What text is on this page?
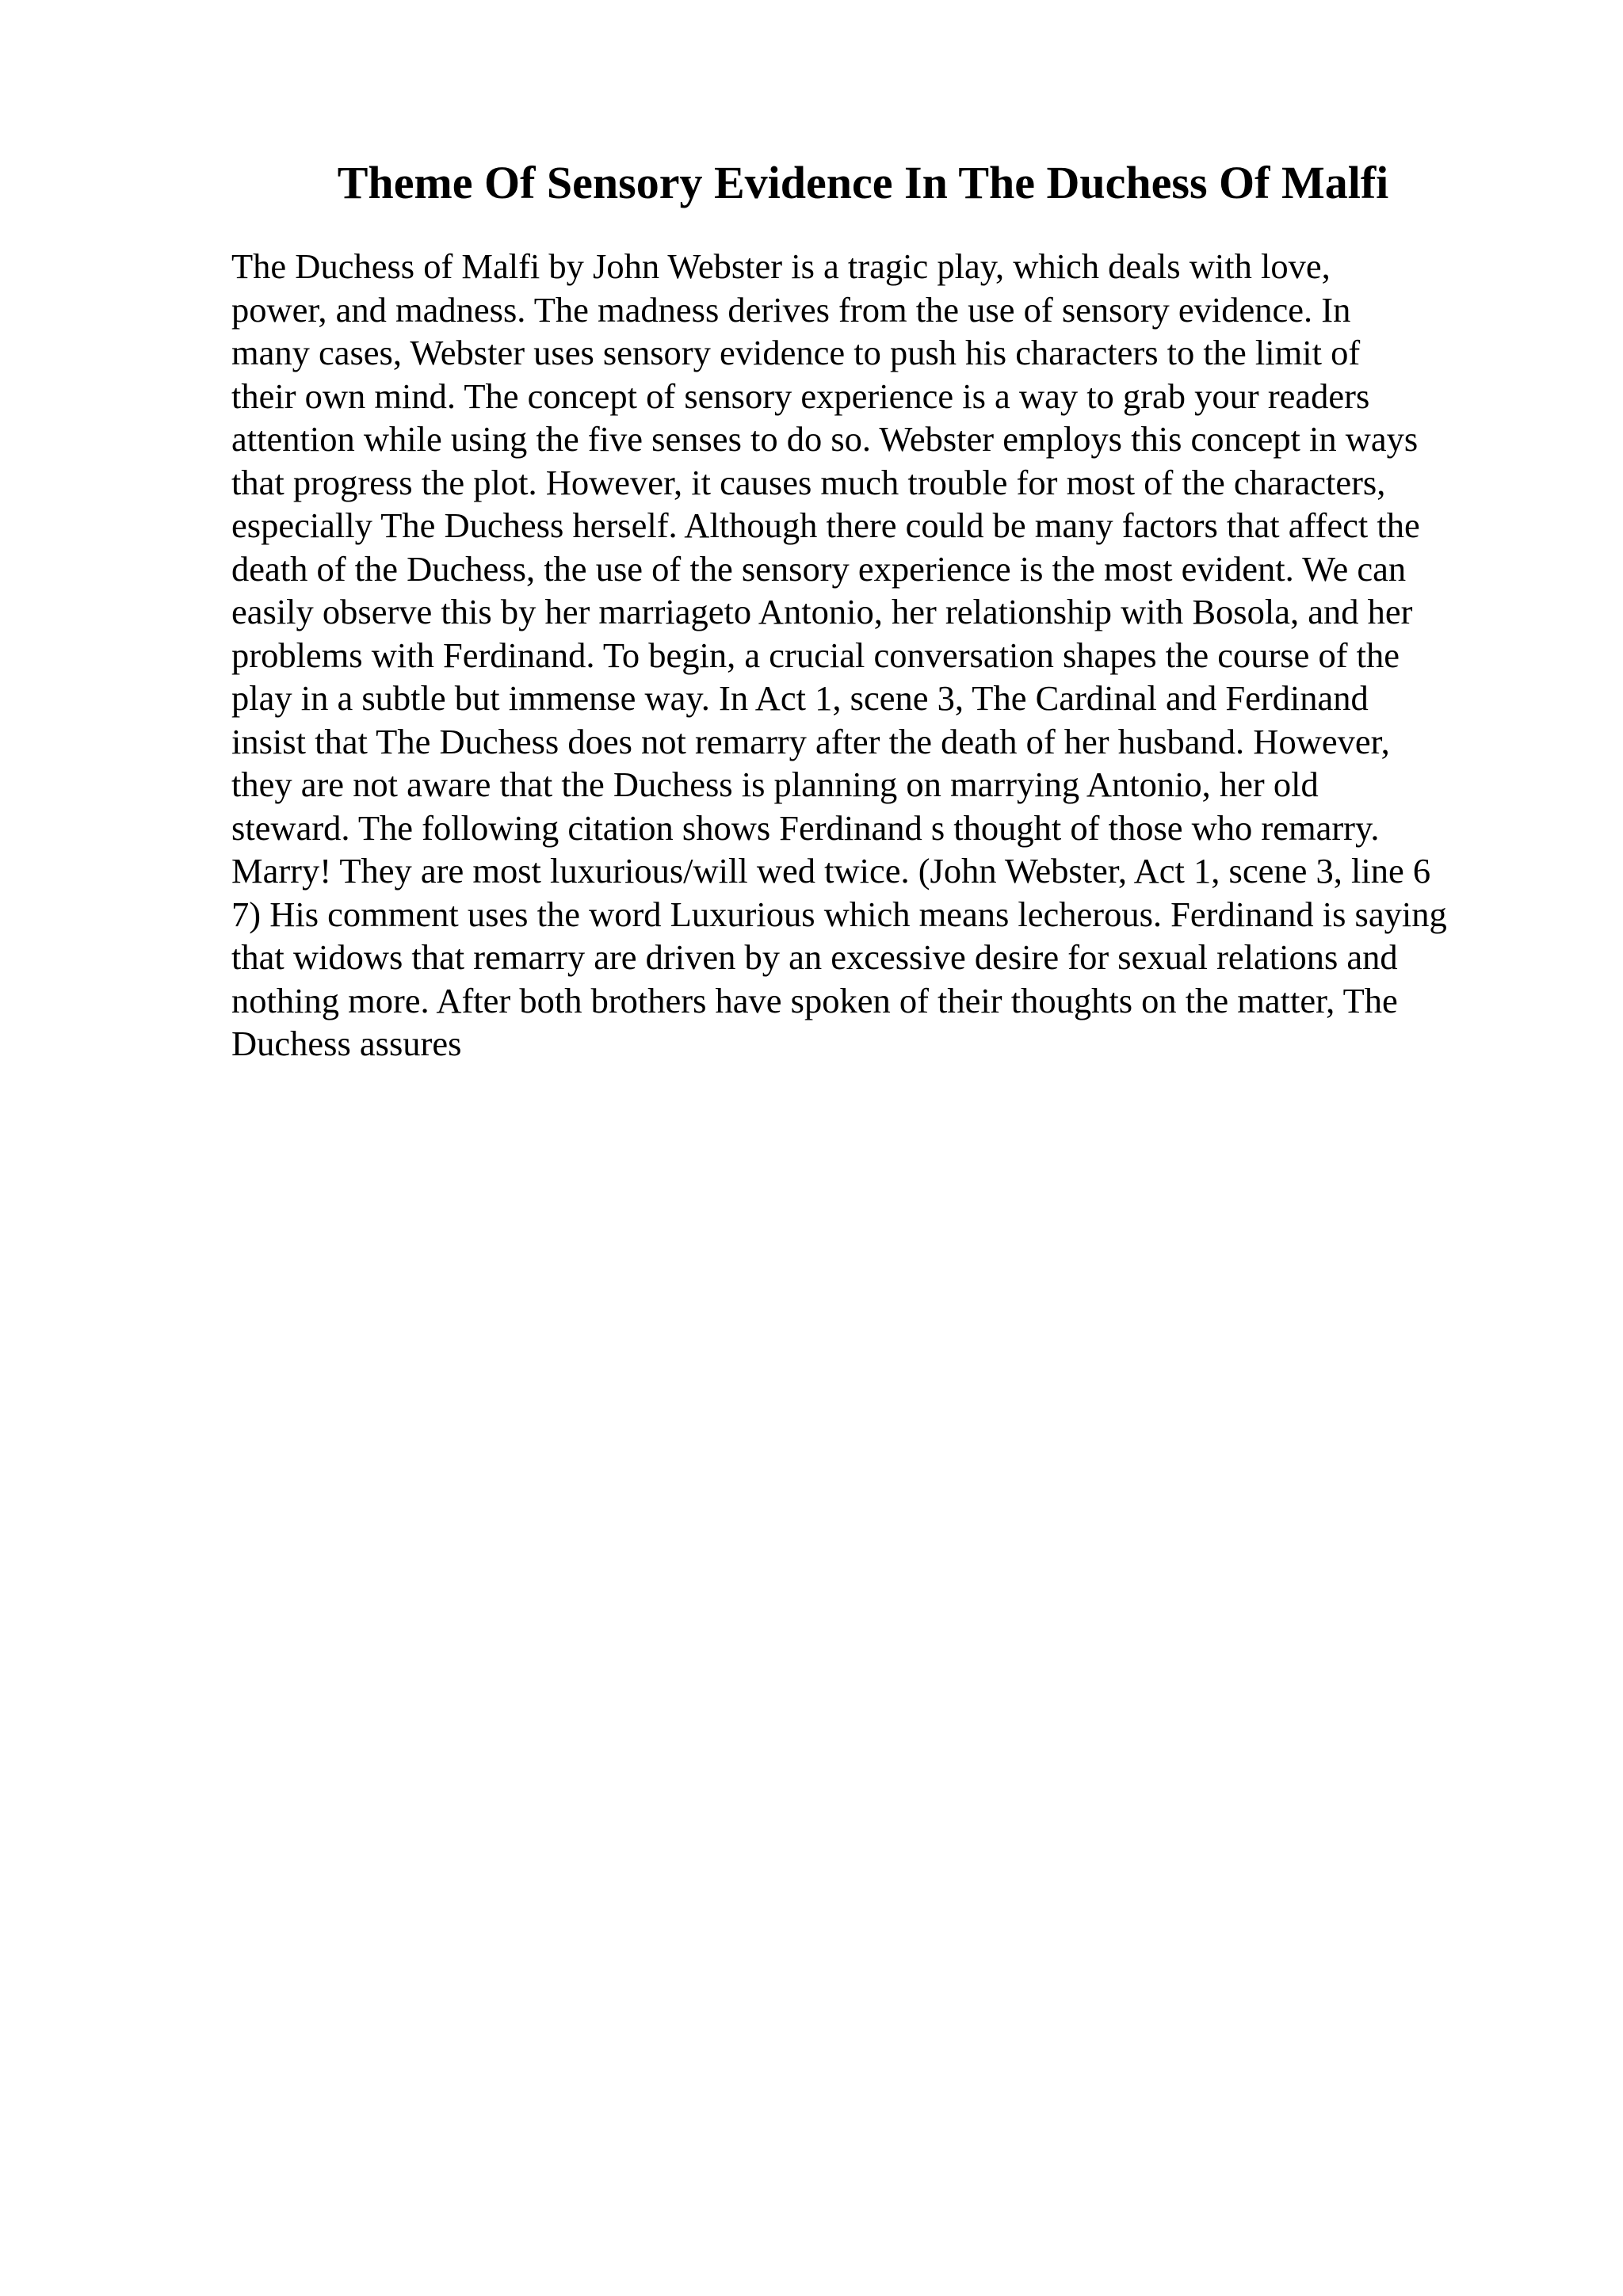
Theme Of Sensory Evidence In The Duchess Of Malfi
The Duchess of Malfi by John Webster is a tragic play, which deals with love,
power, and madness. The madness derives from the use of sensory evidence. In
many cases, Webster uses sensory evidence to push his characters to the limit of
their own mind. The concept of sensory experience is a way to grab your readers
attention while using the five senses to do so. Webster employs this concept in ways
that progress the plot. However, it causes much trouble for most of the characters,
especially The Duchess herself. Although there could be many factors that affect the
death of the Duchess, the use of the sensory experience is the most evident. We can
easily observe this by her marriageto Antonio, her relationship with Bosola, and her
problems with Ferdinand. To begin, a crucial conversation shapes the course of the
play in a subtle but immense way. In Act 1, scene 3, The Cardinal and Ferdinand
insist that The Duchess does not remarry after the death of her husband. However,
they are not aware that the Duchess is planning on marrying Antonio, her old
steward. The following citation shows Ferdinand s thought of those who remarry.
Marry! They are most luxurious/will wed twice. (John Webster, Act 1, scene 3, line 6
7) His comment uses the word Luxurious which means lecherous. Ferdinand is saying
that widows that remarry are driven by an excessive desire for sexual relations and
nothing more. After both brothers have spoken of their thoughts on the matter, The
Duchess assures
